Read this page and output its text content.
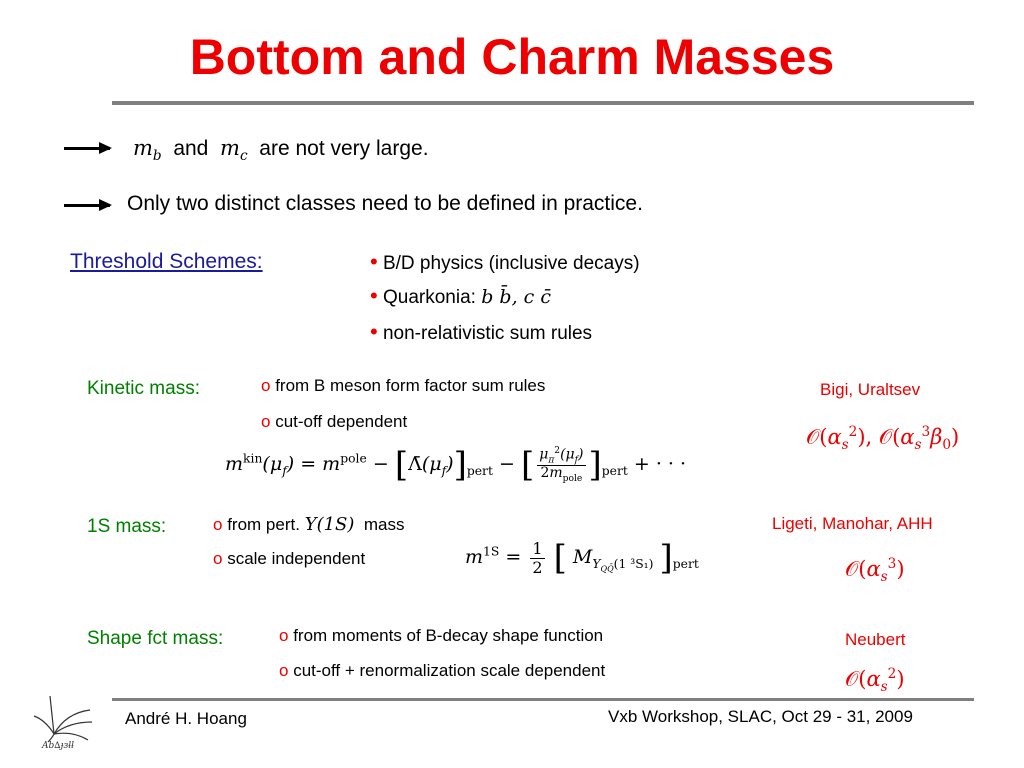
Bottom and Charm Masses
$m_b$ and $m_c$ are not very large.
Only two distinct classes need to be defined in practice.
Threshold Schemes:	• B/D physics (inclusive decays)
• Quarkonia: b b̄, c c̄
• non-relativistic sum rules
Kinetic mass:	o from B meson form factor sum rules
o cut-off dependent
Bigi, Uraltsev
$𝒪(\alpha_s^2)$, $𝒪(\alpha_s^3\beta_0)$
$m^{kin}(\mu_f) = m^{pole}$ − $[\Lambdā(\mu_f)]_{pert}$ − [ $\frac{\mu_\pi^2(\mu_f)}{2m_{pole}} ]_{pert}$ + · · ·
1S mass:	o from pert. Υ(1S) mass
o scale independent
Ligeti, Manohar, AHH
$𝒪(\alpha_s^3)$
$m^{1S} = \frac{1}{2}$ [ $M_{\Upsilon_{QQ̄}(1 ^3S_1)}$ ]$_{pert}$
Shape fct mass:	o from moments of B-decay shape function
o cut-off + renormalization scale dependent
Neubert
$𝒪(\alpha_s^2)$
Ab∆ɟзƚƚ
André H. Hoang	Vxb Workshop, SLAC, Oct 29 - 31, 2009
